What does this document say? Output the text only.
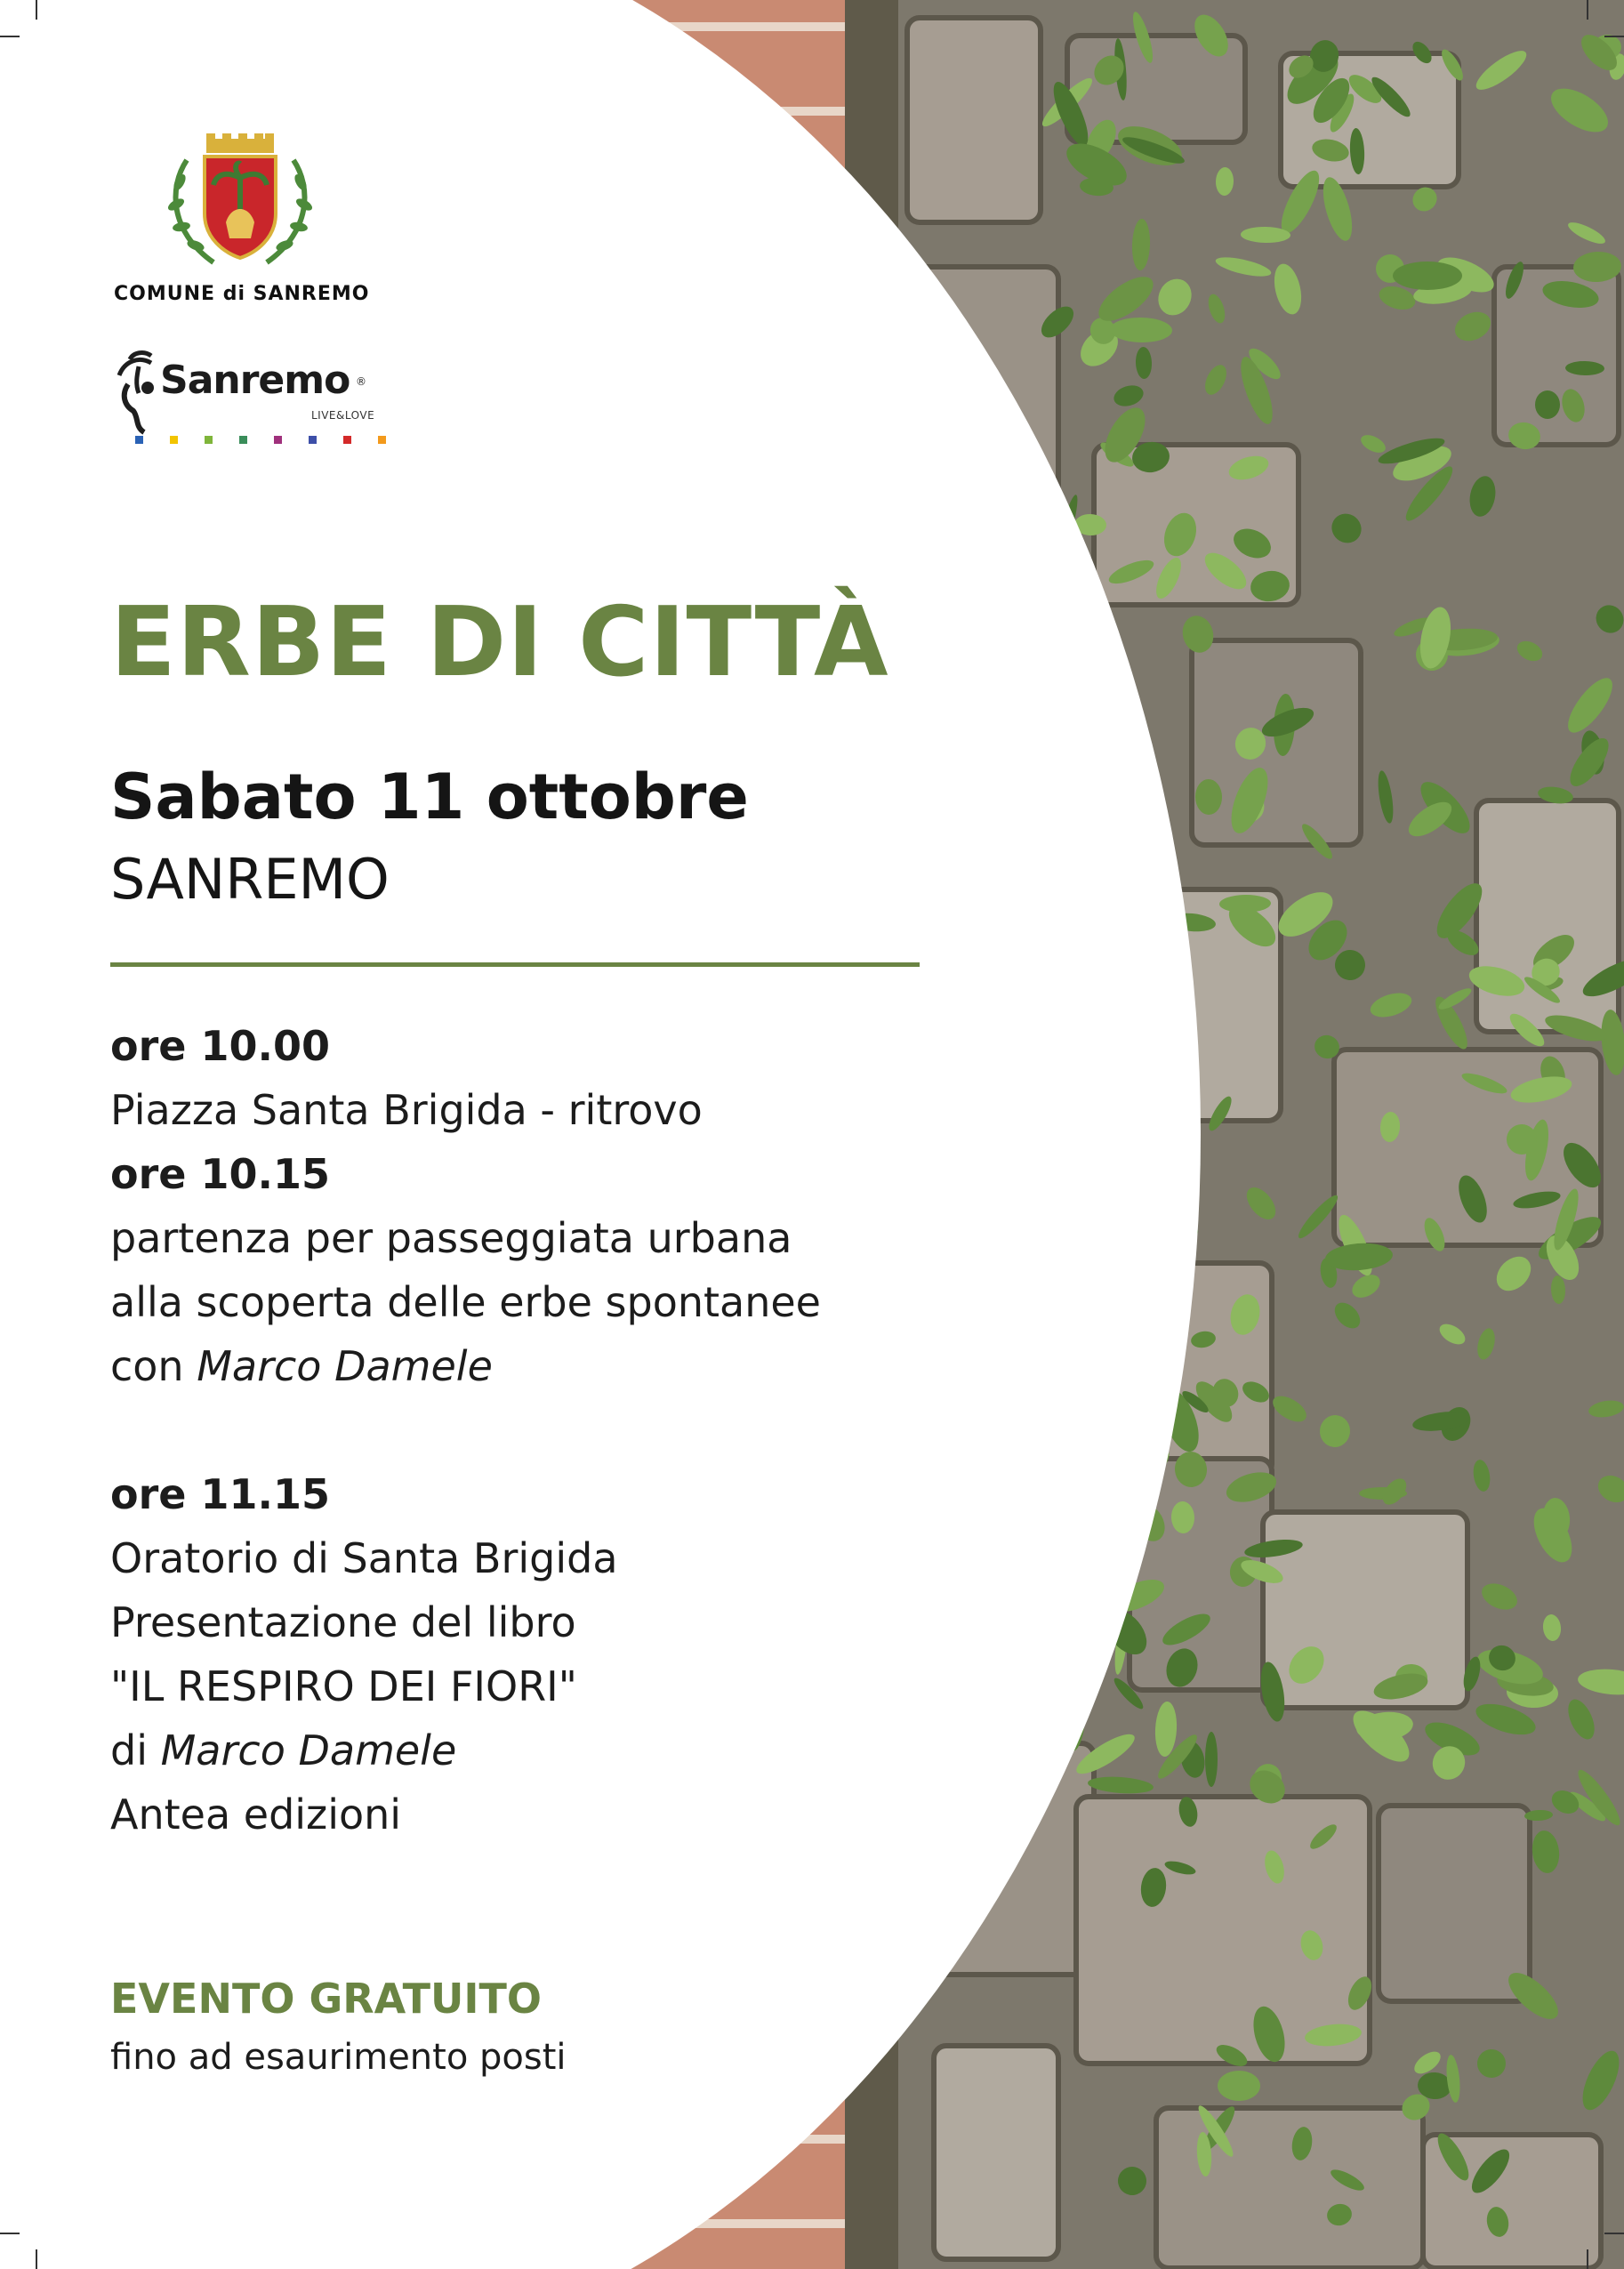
COMUNE di SANREMO
Sanremo ®
LIVE&LOVE
ERBE DI CITTÀ
Sabato 11 ottobre
SANREMO
ore 10.00
Piazza Santa Brigida - ritrovo
ore 10.15
partenza per passeggiata urbana
alla scoperta delle erbe spontanee
con Marco Damele
ore 11.15
Oratorio di Santa Brigida
Presentazione del libro
"IL RESPIRO DEI FIORI"
di Marco Damele
Antea edizioni
EVENTO GRATUITO
fino ad esaurimento posti
